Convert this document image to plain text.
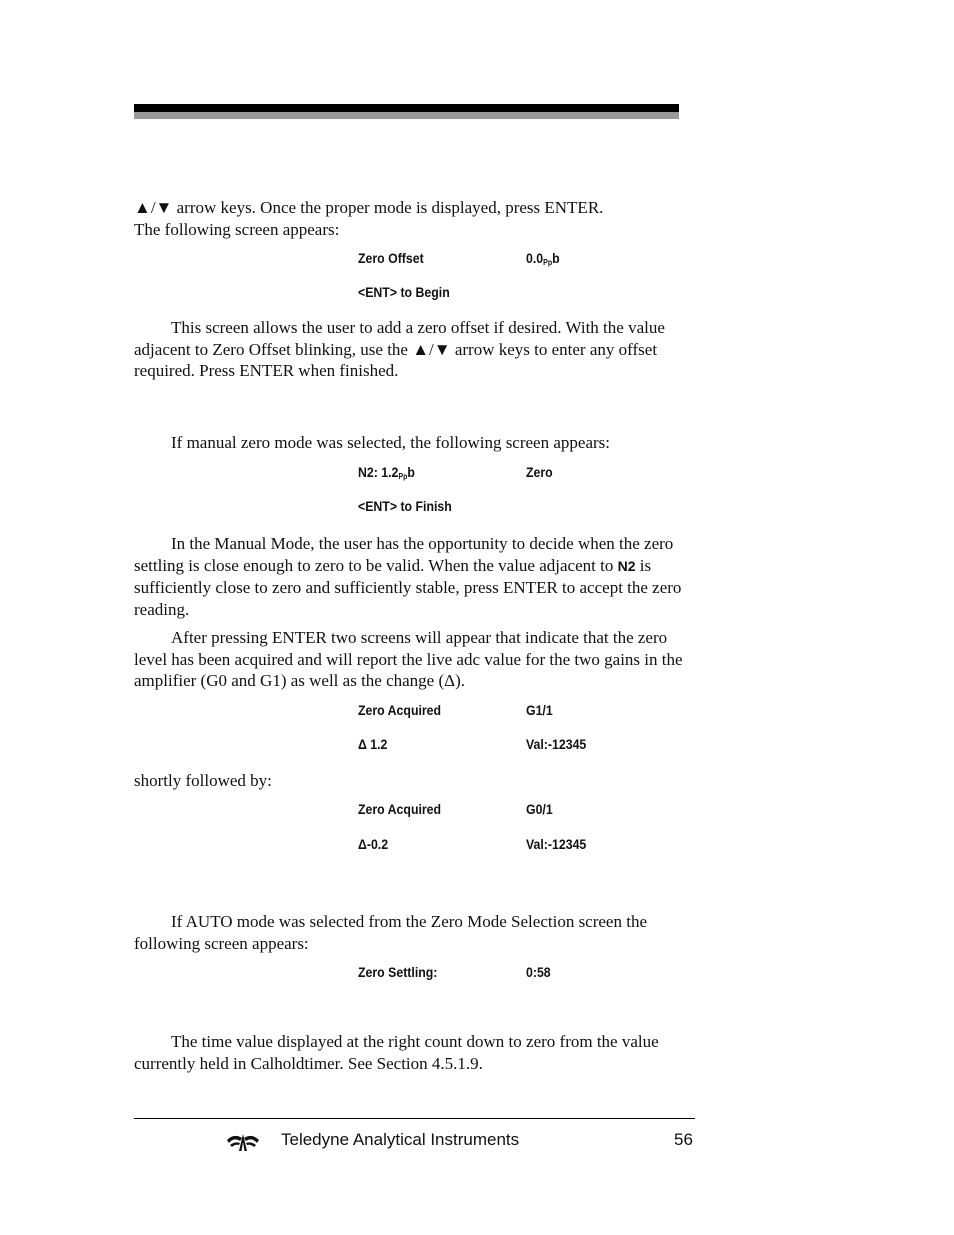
▲/▼ arrow keys. Once the proper mode is displayed, press ENTER.
The following screen appears:

Zero Offset	$0.0_{Pp}b$
<ENT> to Begin

This screen allows the user to add a zero offset if desired. With the value adjacent to Zero Offset blinking, use the ▲/▼ arrow keys to enter any offset required. Press ENTER when finished.

If manual zero mode was selected, the following screen appears:

N2: $1.2_{Pp}b$	Zero
<ENT> to Finish

In the Manual Mode, the user has the opportunity to decide when the zero settling is close enough to zero to be valid. When the value adjacent to N2 is sufficiently close to zero and sufficiently stable, press ENTER to accept the zero reading.

After pressing ENTER two screens will appear that indicate that the zero level has been acquired and will report the live adc value for the two gains in the amplifier (G0 and G1) as well as the change (Δ).

Zero Acquired	G1/1
Δ 1.2	Val:-12345

shortly followed by:

Zero Acquired	G0/1
Δ-0.2	Val:-12345

If AUTO mode was selected from the Zero Mode Selection screen the following screen appears:

Zero Settling:	0:58

The time value displayed at the right count down to zero from the value currently held in Calholdtimer. See Section 4.5.1.9.

Teledyne Analytical Instruments	56
